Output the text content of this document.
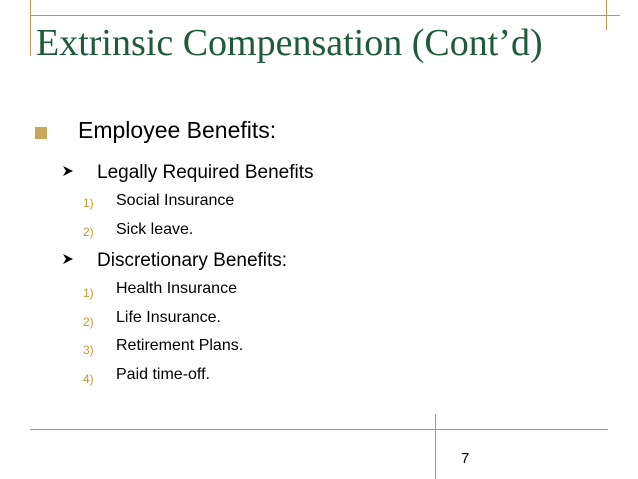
Extrinsic Compensation (Cont’d)
Employee Benefits:
Legally Required Benefits
1) Social Insurance
2) Sick leave.
Discretionary Benefits:
1) Health Insurance
2) Life Insurance.
3) Retirement Plans.
4) Paid time-off.
7
